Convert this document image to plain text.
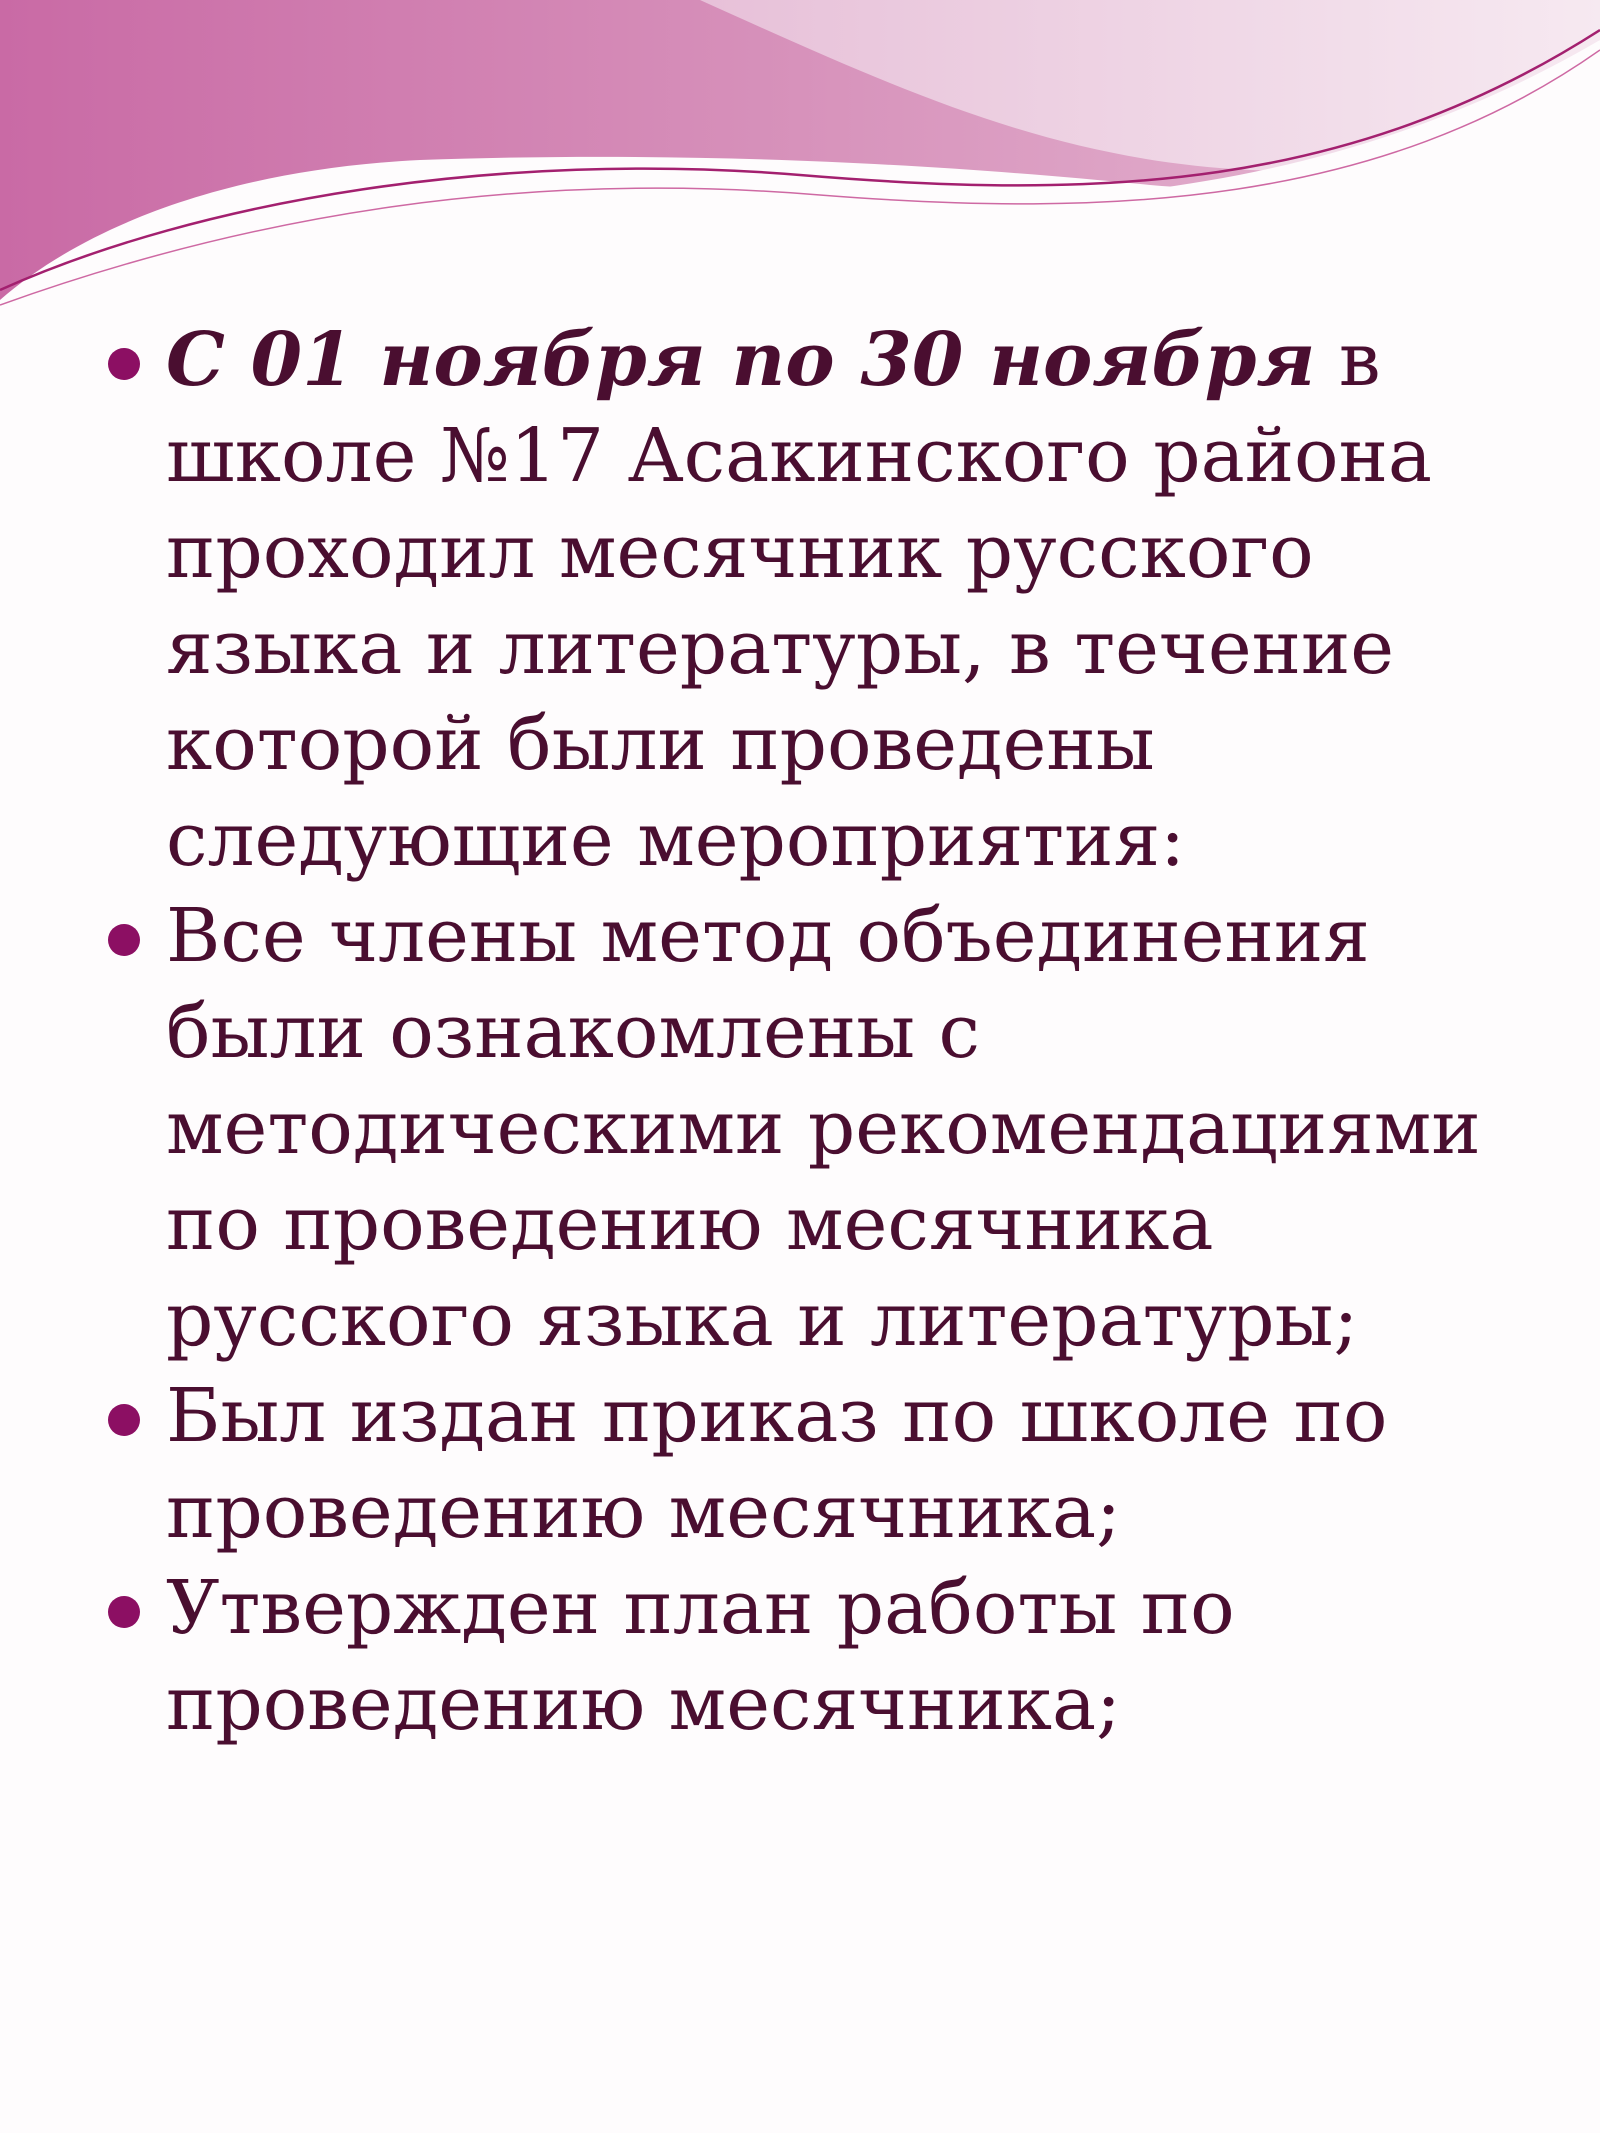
С 01 ноября по 30 ноября в школе №17 Асакинского района проходил месячник русского языка и литературы, в течение которой были проведены следующие мероприятия:
Все члены метод объединения были ознакомлены с методическими рекомендациями по проведению месячника русского языка и литературы;
Был издан приказ по школе по проведению месячника;
Утвержден план работы по проведению месячника;
